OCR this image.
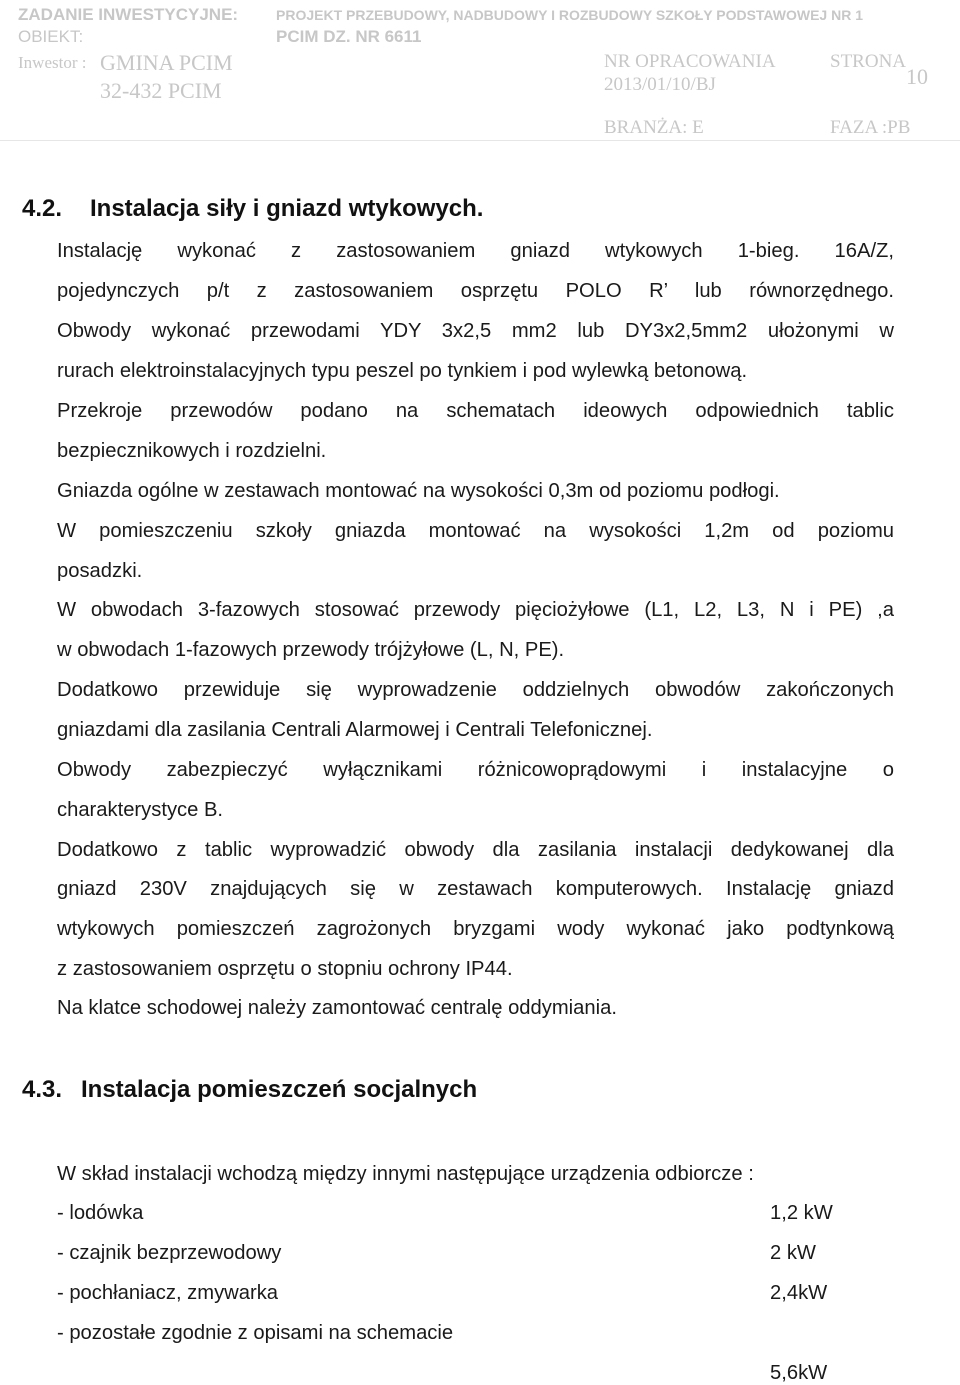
ZADANIE INWESTYCYJNE:	PROJEKT PRZEBUDOWY, NADBUDOWY I ROZBUDOWY SZKOŁY PODSTAWOWEJ NR 1
OBIEKT:	PCIM DZ. NR 6611
Inwestor : GMINA PCIM
32-432 PCIM
NR OPRACOWANIA
2013/01/10/BJ
STRONA
10
BRANŻA: E	FAZA :PB
4.2. Instalacja siły i gniazd wtykowych.
Instalację wykonać z zastosowaniem gniazd wtykowych 1-bieg. 16A/Z,
pojedynczych p/t z zastosowaniem osprzętu POLO R’ lub równorzędnego.
Obwody wykonać przewodami YDY 3x2,5 mm2 lub DY3x2,5mm2 ułożonymi w
rurach elektroinstalacyjnych typu peszel po tynkiem i pod wylewką betonową.
Przekroje przewodów podano na schematach ideowych odpowiednich tablic
bezpiecznikowych i rozdzielni.
Gniazda ogólne w zestawach montować na wysokości 0,3m od poziomu podłogi.
W pomieszczeniu szkoły gniazda montować na wysokości 1,2m od poziomu
posadzki.
W obwodach 3-fazowych stosować przewody pięciożyłowe (L1, L2, L3, N i PE) ,a
w obwodach 1-fazowych przewody trójżyłowe (L, N, PE).
Dodatkowo przewiduje się wyprowadzenie oddzielnych obwodów zakończonych
gniazdami dla zasilania Centrali Alarmowej i Centrali Telefonicznej.
Obwody zabezpieczyć wyłącznikami różnicowoprądowymi i instalacyjne o
charakterystyce B.
Dodatkowo z tablic wyprowadzić obwody dla zasilania instalacji dedykowanej dla
gniazd 230V znajdujących się w zestawach komputerowych. Instalację gniazd
wtykowych pomieszczeń zagrożonych bryzgami wody wykonać jako podtynkową
z zastosowaniem osprzętu o stopniu ochrony IP44.
Na klatce schodowej należy zamontować centralę oddymiania.
4.3. Instalacja pomieszczeń socjalnych
W skład instalacji wchodzą między innymi następujące urządzenia odbiorcze :
- lodówka	1,2 kW
- czajnik bezprzewodowy	2 kW
- pochłaniacz, zmywarka	2,4kW
- pozostałe zgodnie z opisami na schemacie
5,6kW
